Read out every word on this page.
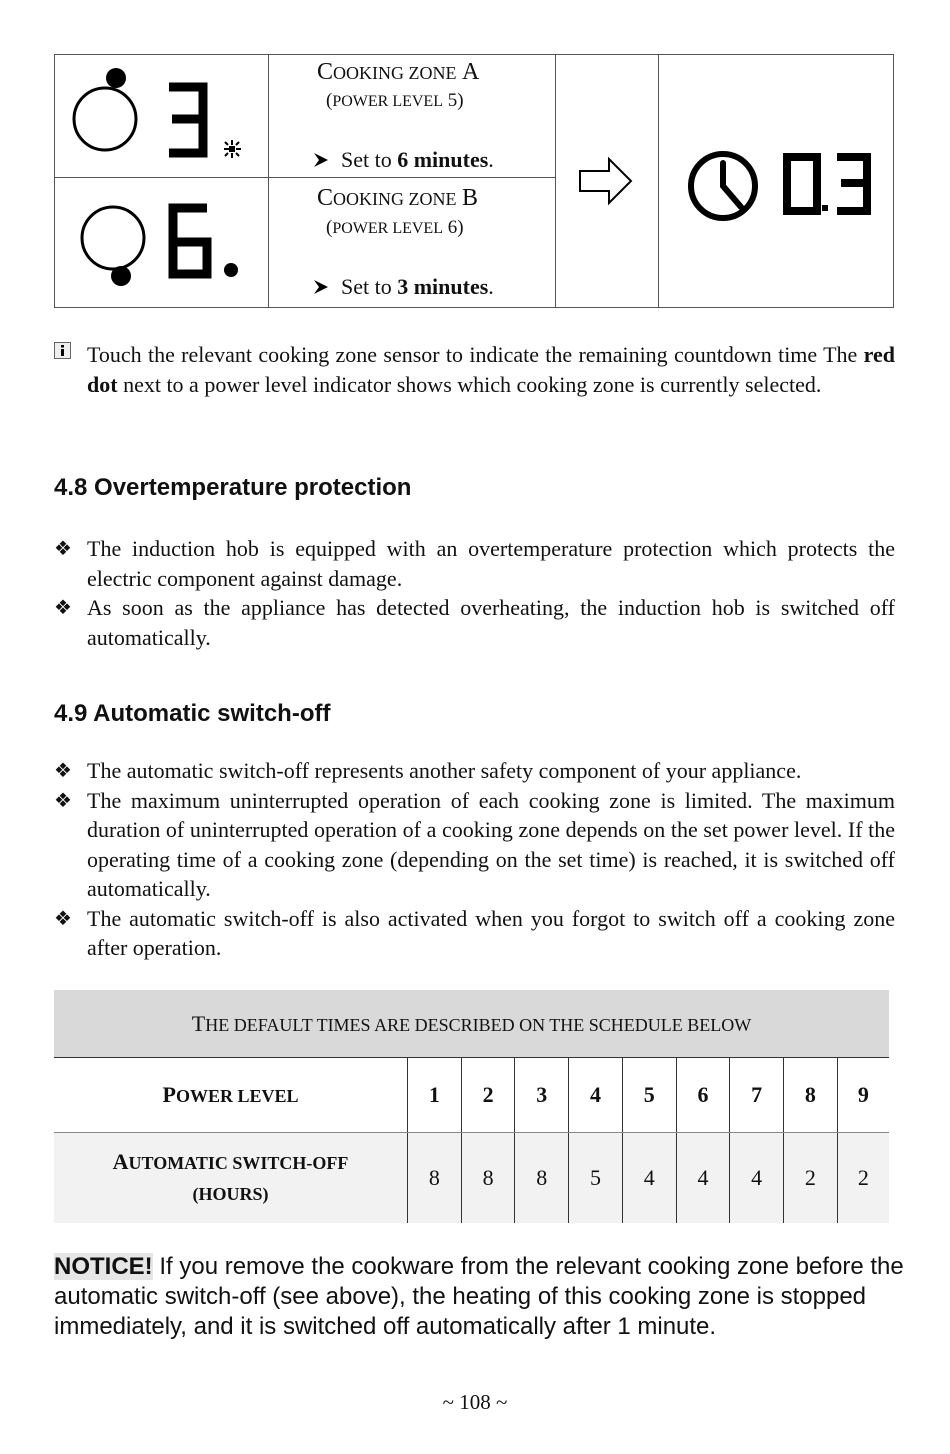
COOKING ZONE A
(POWER LEVEL 5)
Set to 6 minutes.
COOKING ZONE B
(POWER LEVEL 6)
Set to 3 minutes.
Touch the relevant cooking zone sensor to indicate the remaining countdown time The red dot next to a power level indicator shows which cooking zone is currently selected.
4.8 Overtemperature protection
❖ The induction hob is equipped with an overtemperature protection which protects the electric component against damage.
❖ As soon as the appliance has detected overheating, the induction hob is switched off automatically.
4.9 Automatic switch-off
❖ The automatic switch-off represents another safety component of your appliance.
❖ The maximum uninterrupted operation of each cooking zone is limited. The maximum duration of uninterrupted operation of a cooking zone depends on the set power level. If the operating time of a cooking zone (depending on the set time) is reached, it is switched off automatically.
❖ The automatic switch-off is also activated when you forgot to switch off a cooking zone after operation.
THE DEFAULT TIMES ARE DESCRIBED ON THE SCHEDULE BELOW									
POWER LEVEL	1	2	3	4	5	6	7	8	9
AUTOMATIC SWITCH-OFF
(HOURS)	8	8	8	5	4	4	4	2	2
NOTICE! If you remove the cookware from the relevant cooking zone before the automatic switch-off (see above), the heating of this cooking zone is stopped immediately, and it is switched off automatically after 1 minute.
~ 108 ~
